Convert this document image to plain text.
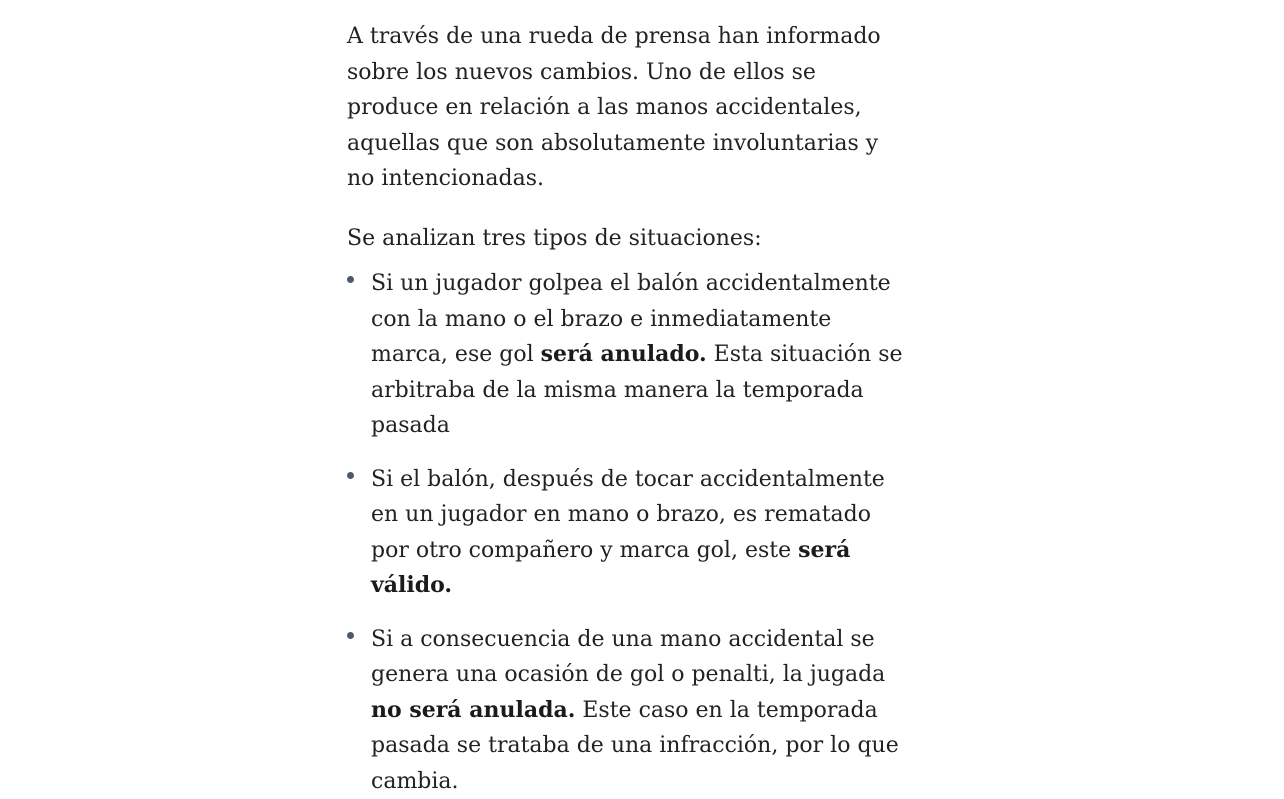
A través de una rueda de prensa han informado sobre los nuevos cambios. Uno de ellos se produce en relación a las manos accidentales, aquellas que son absolutamente involuntarias y no intencionadas.

Se analizan tres tipos de situaciones:

Si un jugador golpea el balón accidentalmente con la mano o el brazo e inmediatamente marca, ese gol será anulado. Esta situación se arbitraba de la misma manera la temporada pasada
Si el balón, después de tocar accidentalmente en un jugador en mano o brazo, es rematado por otro compañero y marca gol, este será válido.
Si a consecuencia de una mano accidental se genera una ocasión de gol o penalti, la jugada no será anulada. Este caso en la temporada pasada se trataba de una infracción, por lo que cambia.
